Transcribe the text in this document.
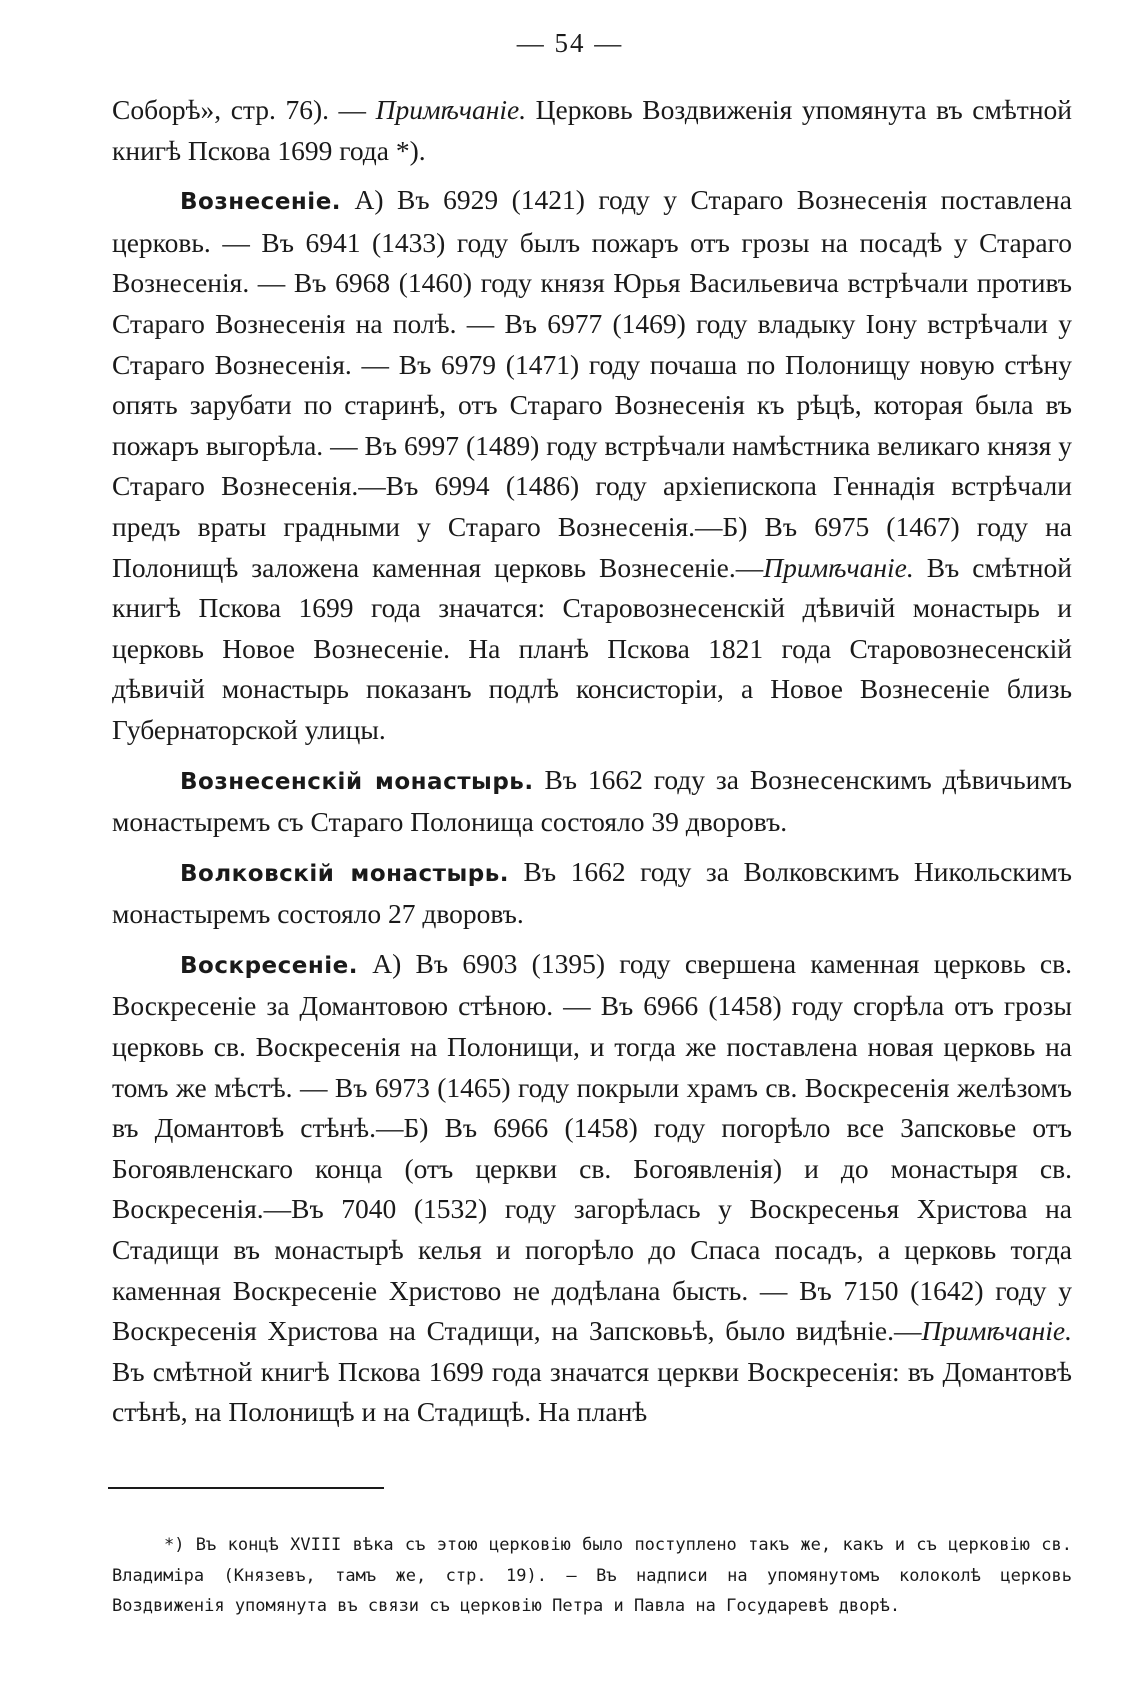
— 54 —

Соборѣ», стр. 76). — Примѣчаніе. Церковь Воздвиженія упомянута въ смѣтной книгѣ Пскова 1699 года *).

Вознесеніе. А) Въ 6929 (1421) году у Стараго Вознесенія поставлена церковь. — Въ 6941 (1433) году былъ пожаръ отъ грозы на посадѣ у Стараго Вознесенія. — Въ 6968 (1460) году князя Юрья Васильевича встрѣчали противъ Стараго Вознесенія на полѣ. — Въ 6977 (1469) году владыку Іону встрѣчали у Стараго Вознесенія. — Въ 6979 (1471) году почаша по Полонищу новую стѣну опять зарубати по старинѣ, отъ Стараго Вознесенія къ рѣцѣ, которая была въ пожаръ выгорѣла. — Въ 6997 (1489) году встрѣчали намѣстника великаго князя у Стараго Вознесенія.—Въ 6994 (1486) году архіепископа Геннадія встрѣчали предъ враты градными у Стараго Вознесенія.—Б) Въ 6975 (1467) году на Полонищѣ заложена каменная церковь Вознесеніе.—Примѣчаніе. Въ смѣтной книгѣ Пскова 1699 года значатся: Старовознесенскій дѣвичій монастырь и церковь Новое Вознесеніе. На планѣ Пскова 1821 года Старовознесенскій дѣвичій монастырь показанъ подлѣ консисторіи, а Новое Вознесеніе близь Губернаторской улицы.

Вознесенскій монастырь. Въ 1662 году за Вознесенскимъ дѣвичьимъ монастыремъ съ Стараго Полонища состояло 39 дворовъ.

Волковскій монастырь. Въ 1662 году за Волковскимъ Никольскимъ монастыремъ состояло 27 дворовъ.

Воскресеніе. А) Въ 6903 (1395) году свершена каменная церковь св. Воскресеніе за Домантовою стѣною. — Въ 6966 (1458) году сгорѣла отъ грозы церковь св. Воскресенія на Полонищи, и тогда же поставлена новая церковь на томъ же мѣстѣ. — Въ 6973 (1465) году покрыли храмъ св. Воскресенія желѣзомъ въ Домантовѣ стѣнѣ.—Б) Въ 6966 (1458) году погорѣло все Запсковье отъ Богоявленскаго конца (отъ церкви св. Богоявленія) и до монастыря св. Воскресенія.—Въ 7040 (1532) году загорѣлась у Воскресенья Христова на Стадищи въ монастырѣ келья и погорѣло до Спаса посадъ, а церковь тогда каменная Воскресеніе Христово не додѣлана бысть. — Въ 7150 (1642) году у Воскресенія Христова на Стадищи, на Запсковьѣ, было видѣніе.—Примѣчаніе. Въ смѣтной книгѣ Пскова 1699 года значатся церкви Воскресенія: въ Домантовѣ стѣнѣ, на Полонищѣ и на Стадищѣ. На планѣ

*) Въ концѣ XVIII вѣка съ этою церковію было поступлено такъ же, какъ и съ церковію св. Владиміра (Князевъ, тамъ же, стр. 19). — Въ надписи на упомянутомъ колоколѣ церковь Воздвиженія упомянута въ связи съ церковію Петра и Павла на Государевѣ дворѣ.
